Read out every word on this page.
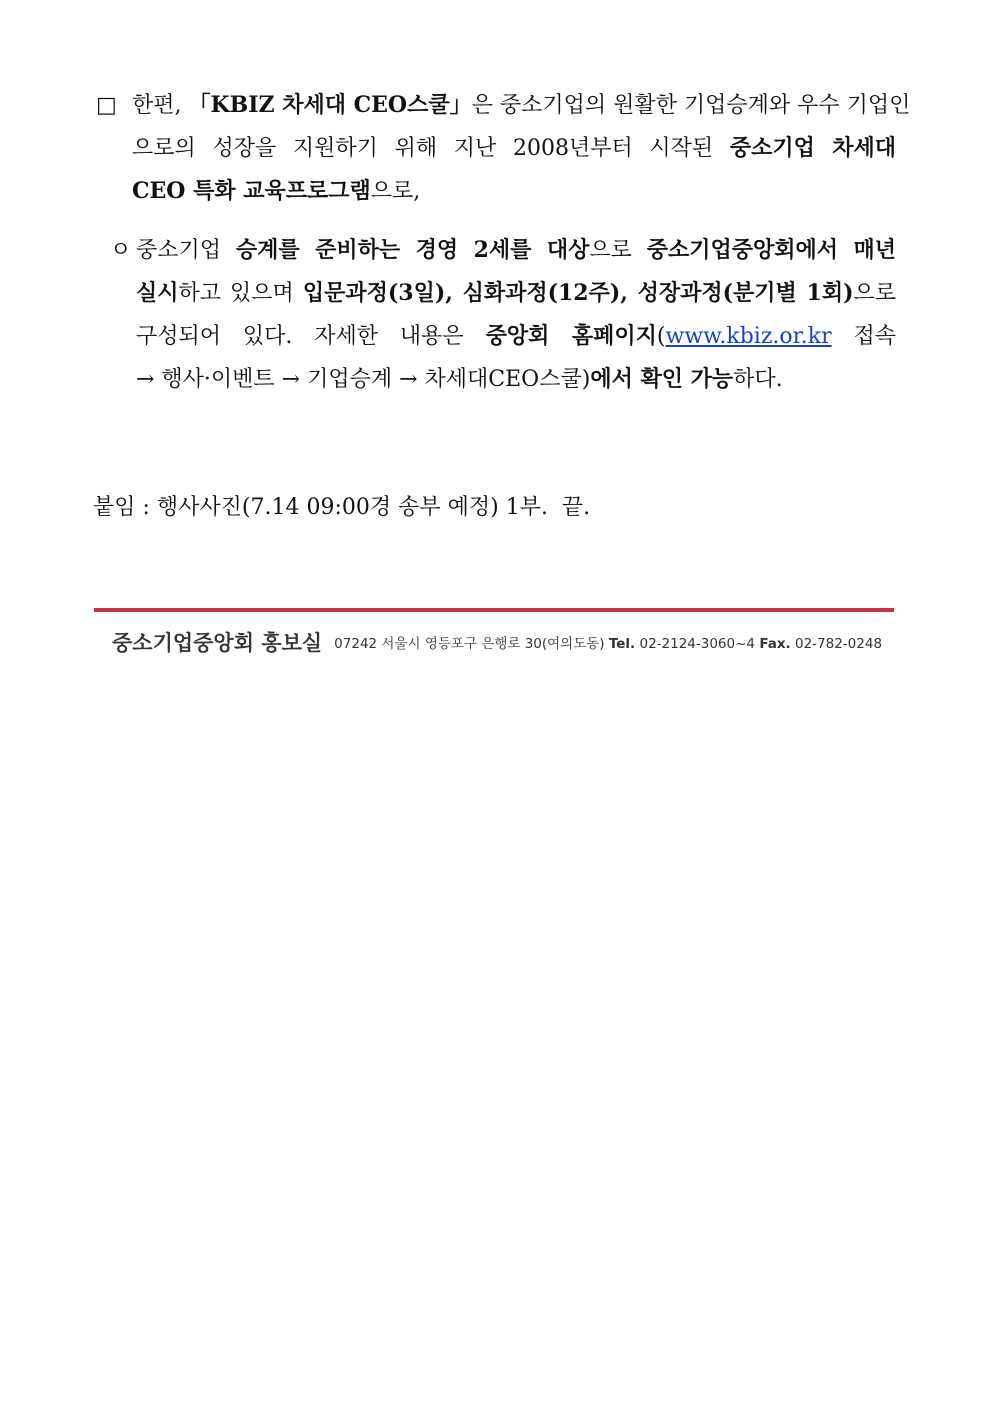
□ 한편, 「KBIZ 차세대 CEO스쿨」은 중소기업의 원활한 기업승계와 우수 기업인
으로의 성장을 지원하기 위해 지난 2008년부터 시작된 중소기업 차세대
CEO 특화 교육프로그램으로,
ㅇ 중소기업 승계를 준비하는 경영 2세를 대상으로 중소기업중앙회에서 매년
실시하고 있으며 입문과정(3일), 심화과정(12주), 성장과정(분기별 1회)으로
구성되어 있다. 자세한 내용은 중앙회 홈페이지(www.kbiz.or.kr 접속
→ 행사·이벤트 → 기업승계 → 차세대CEO스쿨)에서 확인 가능하다.
붙임 : 행사사진(7.14 09:00경 송부 예정) 1부.  끝.
중소기업중앙회 홍보실 07242 서울시 영등포구 은행로 30(여의도동) Tel. 02-2124-3060~4 Fax. 02-782-0248
